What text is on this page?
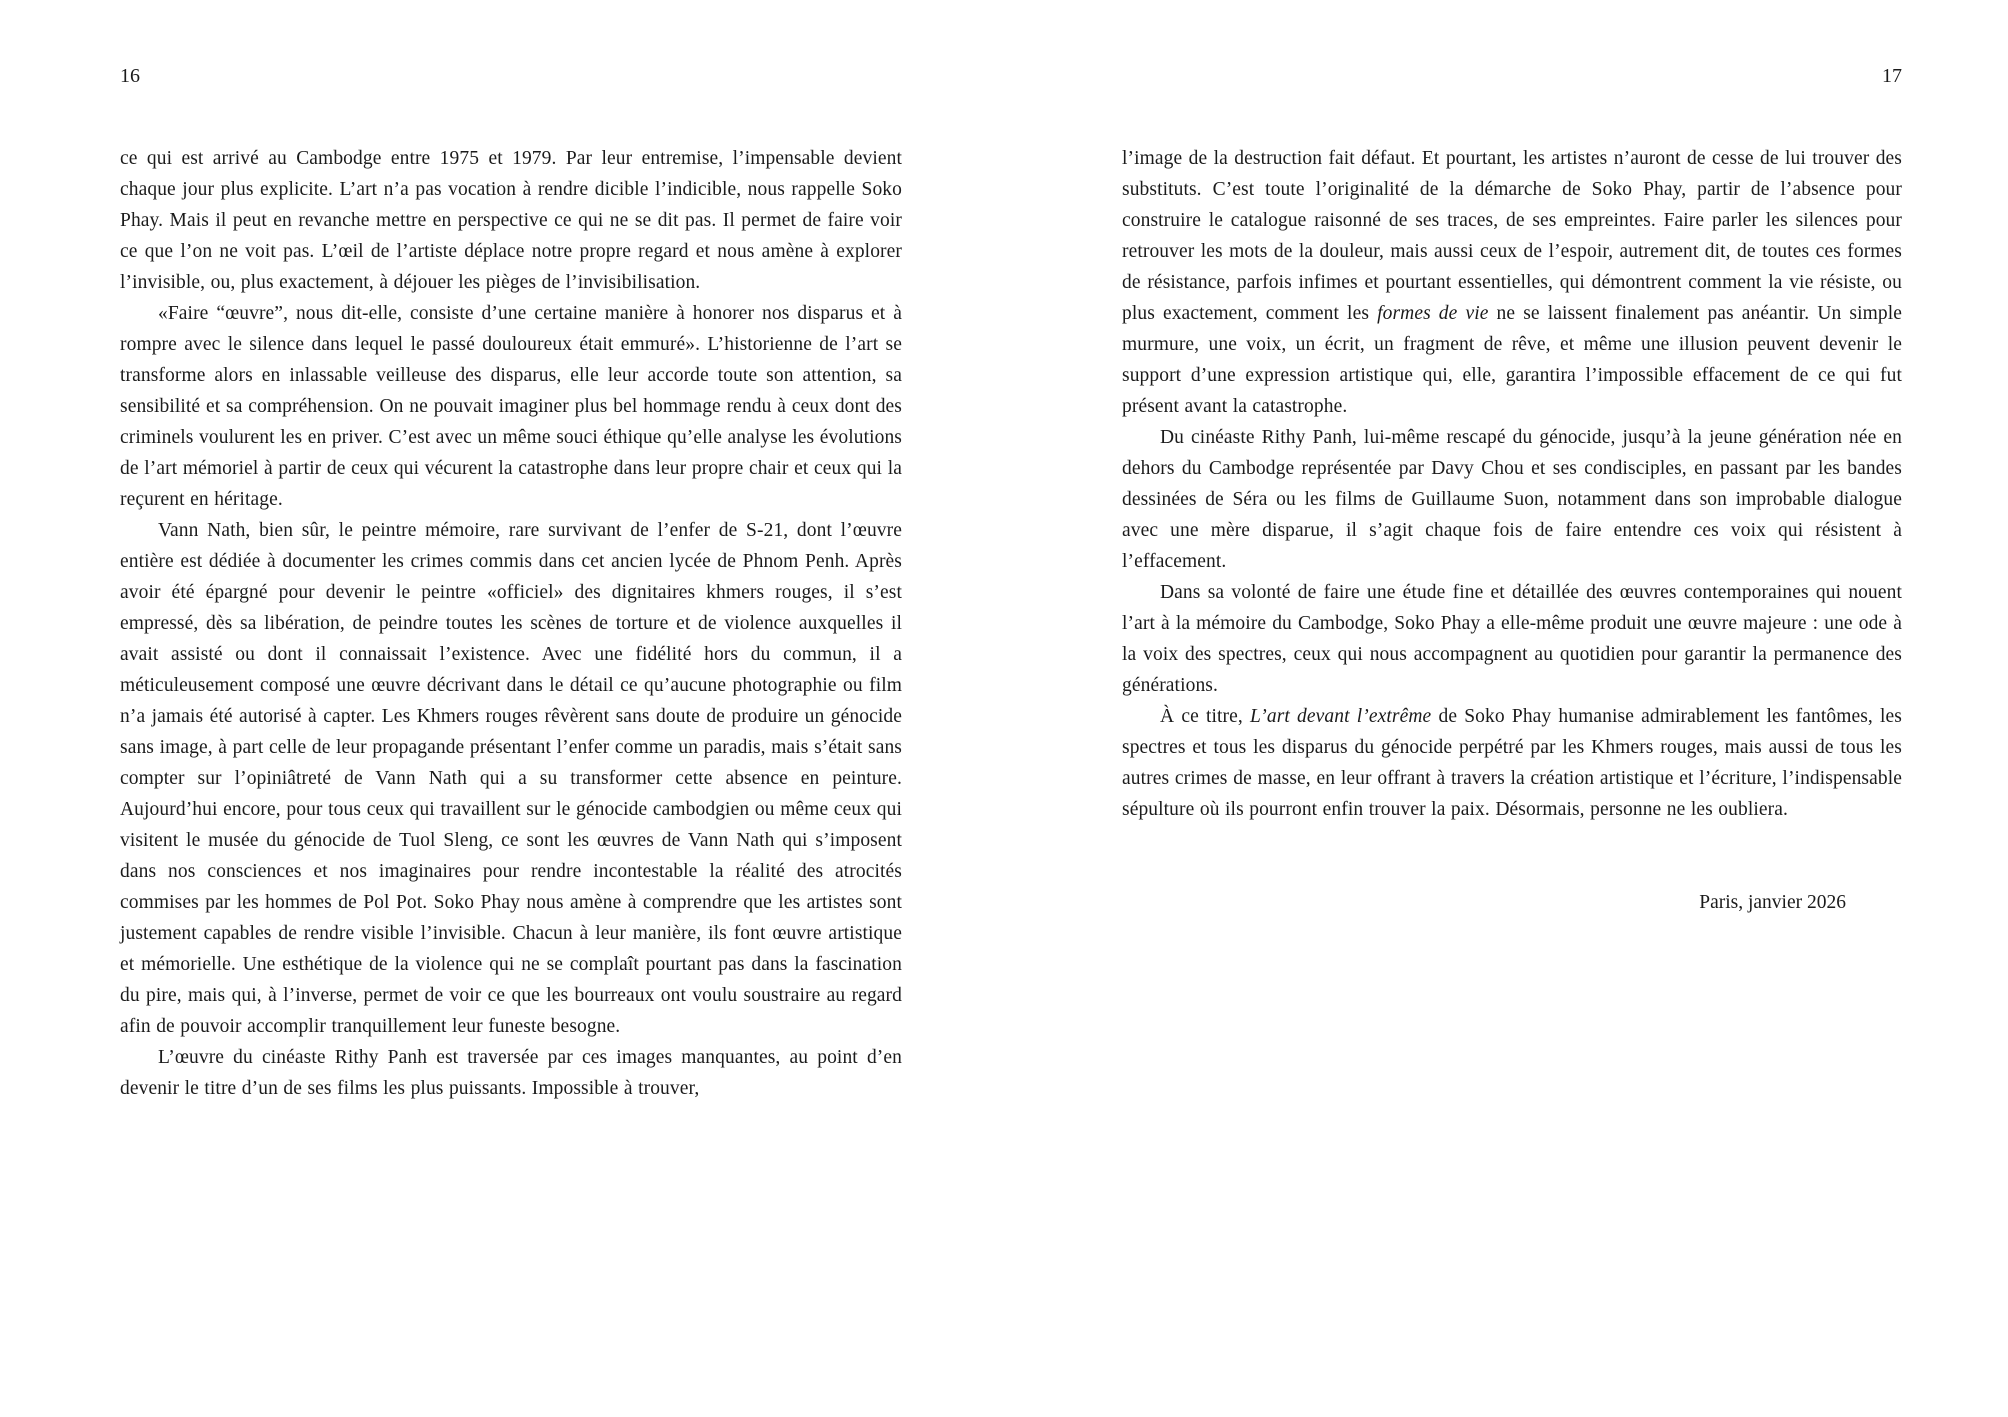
16

ce qui est arrivé au Cambodge entre 1975 et 1979. Par leur entremise, l’impensable devient chaque jour plus explicite. L’art n’a pas vocation à rendre dicible l’indicible, nous rappelle Soko Phay. Mais il peut en revanche mettre en perspective ce qui ne se dit pas. Il permet de faire voir ce que l’on ne voit pas. L’œil de l’artiste déplace notre propre regard et nous amène à explorer l’invisible, ou, plus exactement, à déjouer les pièges de l’invisibilisation.

«Faire “œuvre”, nous dit-elle, consiste d’une certaine manière à honorer nos disparus et à rompre avec le silence dans lequel le passé douloureux était emmuré». L’historienne de l’art se transforme alors en inlassable veilleuse des disparus, elle leur accorde toute son attention, sa sensibilité et sa compréhension. On ne pouvait imaginer plus bel hommage rendu à ceux dont des criminels voulurent les en priver. C’est avec un même souci éthique qu’elle analyse les évolutions de l’art mémoriel à partir de ceux qui vécurent la catastrophe dans leur propre chair et ceux qui la reçurent en héritage.

Vann Nath, bien sûr, le peintre mémoire, rare survivant de l’enfer de S-21, dont l’œuvre entière est dédiée à documenter les crimes commis dans cet ancien lycée de Phnom Penh. Après avoir été épargné pour devenir le peintre «officiel» des dignitaires khmers rouges, il s’est empressé, dès sa libération, de peindre toutes les scènes de torture et de violence auxquelles il avait assisté ou dont il connaissait l’existence. Avec une fidélité hors du commun, il a méticuleusement composé une œuvre décrivant dans le détail ce qu’aucune photographie ou film n’a jamais été autorisé à capter. Les Khmers rouges rêvèrent sans doute de produire un génocide sans image, à part celle de leur propagande présentant l’enfer comme un paradis, mais s’était sans compter sur l’opiniâtreté de Vann Nath qui a su transformer cette absence en peinture. Aujourd’hui encore, pour tous ceux qui travaillent sur le génocide cambodgien ou même ceux qui visitent le musée du génocide de Tuol Sleng, ce sont les œuvres de Vann Nath qui s’imposent dans nos consciences et nos imaginaires pour rendre incontestable la réalité des atrocités commises par les hommes de Pol Pot. Soko Phay nous amène à comprendre que les artistes sont justement capables de rendre visible l’invisible. Chacun à leur manière, ils font œuvre artistique et mémorielle. Une esthétique de la violence qui ne se complaît pourtant pas dans la fascination du pire, mais qui, à l’inverse, permet de voir ce que les bourreaux ont voulu soustraire au regard afin de pouvoir accomplir tranquillement leur funeste besogne.

L’œuvre du cinéaste Rithy Panh est traversée par ces images manquantes, au point d’en devenir le titre d’un de ses films les plus puissants. Impossible à trouver,

17

l’image de la destruction fait défaut. Et pourtant, les artistes n’auront de cesse de lui trouver des substituts. C’est toute l’originalité de la démarche de Soko Phay, partir de l’absence pour construire le catalogue raisonné de ses traces, de ses empreintes. Faire parler les silences pour retrouver les mots de la douleur, mais aussi ceux de l’espoir, autrement dit, de toutes ces formes de résistance, parfois infimes et pourtant essentielles, qui démontrent comment la vie résiste, ou plus exactement, comment les formes de vie ne se laissent finalement pas anéantir. Un simple murmure, une voix, un écrit, un fragment de rêve, et même une illusion peuvent devenir le support d’une expression artistique qui, elle, garantira l’impossible effacement de ce qui fut présent avant la catastrophe.

Du cinéaste Rithy Panh, lui-même rescapé du génocide, jusqu’à la jeune génération née en dehors du Cambodge représentée par Davy Chou et ses condisciples, en passant par les bandes dessinées de Séra ou les films de Guillaume Suon, notamment dans son improbable dialogue avec une mère disparue, il s’agit chaque fois de faire entendre ces voix qui résistent à l’effacement.

Dans sa volonté de faire une étude fine et détaillée des œuvres contemporaines qui nouent l’art à la mémoire du Cambodge, Soko Phay a elle-même produit une œuvre majeure : une ode à la voix des spectres, ceux qui nous accompagnent au quotidien pour garantir la permanence des générations.

À ce titre, L’art devant l’extrême de Soko Phay humanise admirablement les fantômes, les spectres et tous les disparus du génocide perpétré par les Khmers rouges, mais aussi de tous les autres crimes de masse, en leur offrant à travers la création artistique et l’écriture, l’indispensable sépulture où ils pourront enfin trouver la paix. Désormais, personne ne les oubliera.

Paris, janvier 2026
